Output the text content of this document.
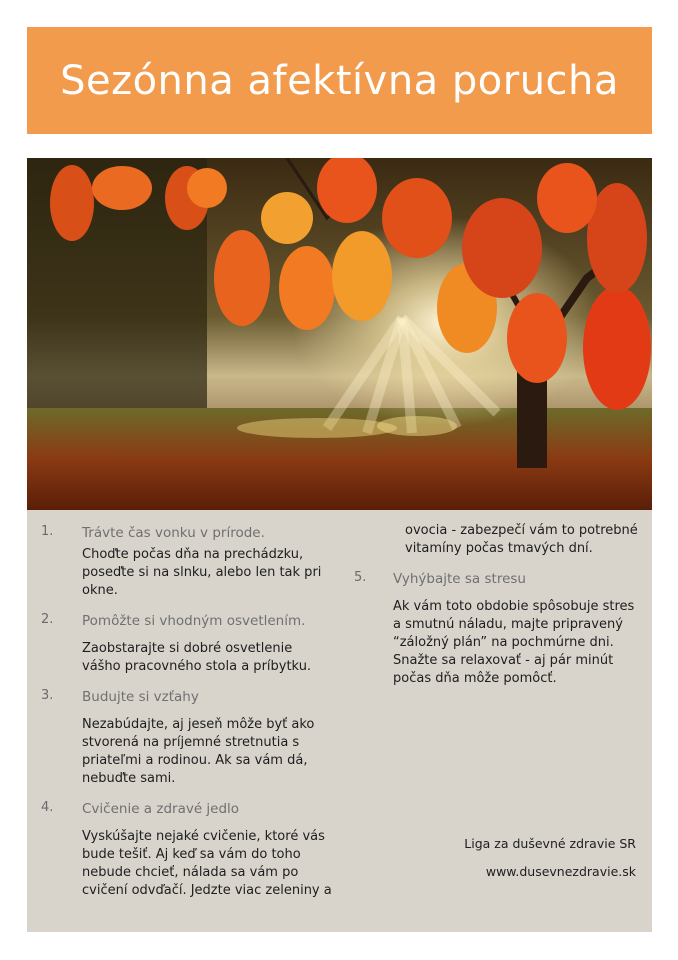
Sezónna afektívna porucha
1.	Trávte čas vonku v prírode.
Choďte počas dňa na prechádzku, poseďte si na slnku, alebo len tak pri okne.
2.	Pomôžte si vhodným osvetlením.
Zaobstarajte si dobré osvetlenie vášho pracovného stola a príbytku.
3.	Budujte si vzťahy
Nezabúdajte, aj jeseň môže byť ako stvorená na príjemné stretnutia s priateľmi a rodinou. Ak sa vám dá, nebuďte sami.
4.	Cvičenie a zdravé jedlo
Vyskúšajte nejaké cvičenie, ktoré vás bude tešiť. Aj keď sa vám do toho nebude chcieť, nálada sa vám po cvičení odvďačí. Jedzte viac zeleniny a
ovocia - zabezpečí vám to potrebné vitamíny počas tmavých dní.
5.	Vyhýbajte sa stresu
Ak vám toto obdobie spôsobuje stres a smutnú náladu, majte pripravený “záložný plán” na pochmúrne dni. Snažte sa relaxovať - aj pár minút počas dňa môže pomôcť.
Liga za duševné zdravie SR
www.dusevnezdravie.sk
